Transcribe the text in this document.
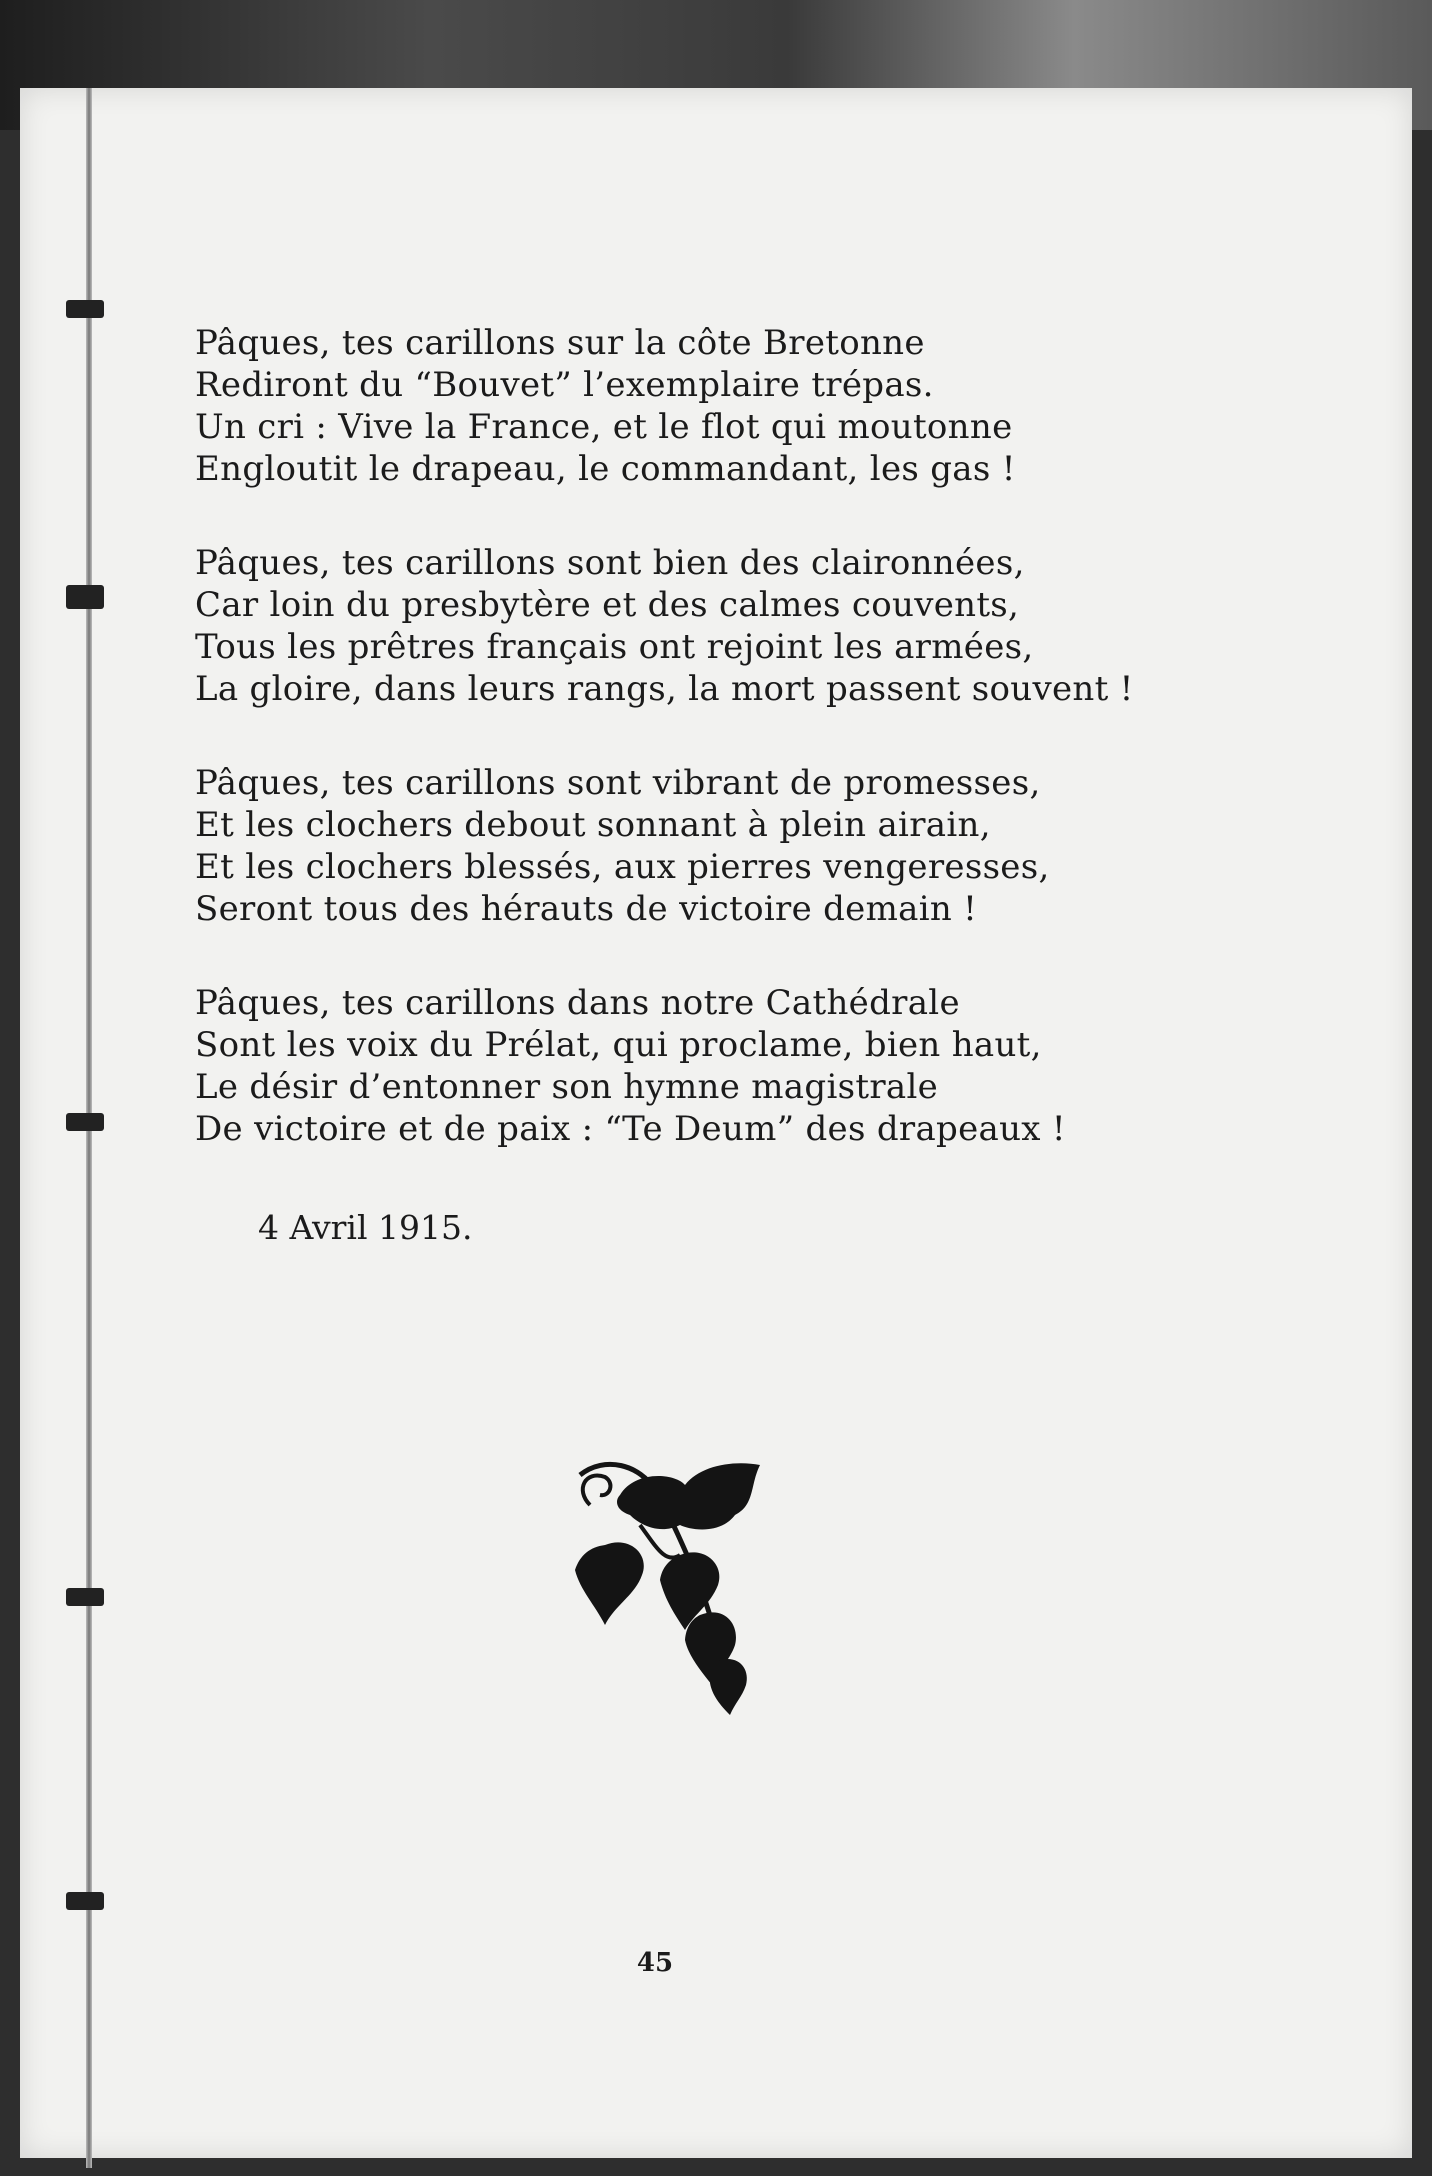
Pâques, tes carillons sur la côte Bretonne
Rediront du “Bouvet” l’exemplaire trépas.
Un cri : Vive la France, et le flot qui moutonne
Engloutit le drapeau, le commandant, les gas !
Pâques, tes carillons sont bien des claironnées,
Car loin du presbytère et des calmes couvents,
Tous les prêtres français ont rejoint les armées,
La gloire, dans leurs rangs, la mort passent souvent !
Pâques, tes carillons sont vibrant de promesses,
Et les clochers debout sonnant à plein airain,
Et les clochers blessés, aux pierres vengeresses,
Seront tous des hérauts de victoire demain !
Pâques, tes carillons dans notre Cathédrale
Sont les voix du Prélat, qui proclame, bien haut,
Le désir d’entonner son hymne magistrale
De victoire et de paix : “Te Deum” des drapeaux !
4 Avril 1915.
45
